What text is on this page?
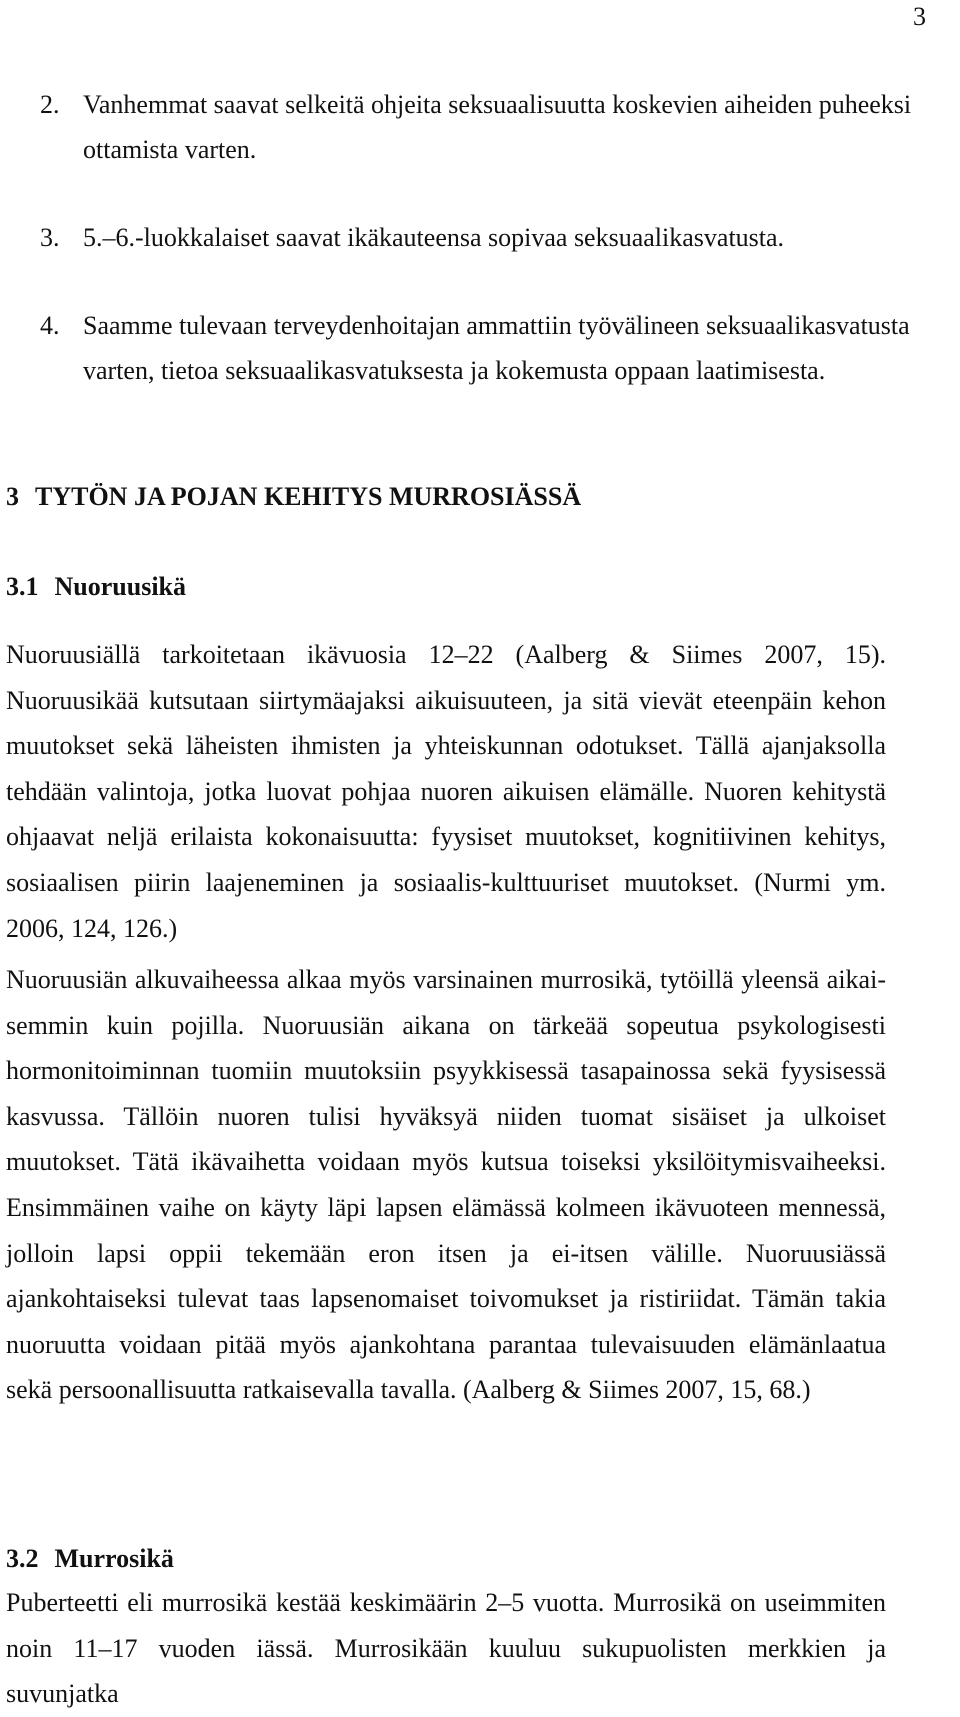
3
2. Vanhemmat saavat selkeitä ohjeita seksuaalisuutta koskevien aiheiden puheeksi ottamista varten.
3. 5.–6.-luokkalaiset saavat ikäkauteensa sopivaa seksuaalikasvatusta.
4. Saamme tulevaan terveydenhoitajan ammattiin työvälineen seksuaalikasvatusta varten, tietoa seksuaalikasvatuksesta ja kokemusta oppaan laatimisesta.
3 TYTÖN JA POJAN KEHITYS MURROSIÄSSÄ
3.1 Nuoruusikä

Nuoruusiällä tarkoitetaan ikävuosia 12–22 (Aalberg & Siimes 2007, 15). Nuoruusikää kutsutaan siirtymäajaksi aikuisuuteen, ja sitä vievät eteenpäin kehon muutokset sekä läheisten ihmisten ja yhteiskunnan odotukset. Tällä ajanjaksolla tehdään valintoja, jotka luovat pohjaa nuoren aikuisen elämälle. Nuoren kehitystä ohjaavat neljä erilaista kokonaisuutta: fyysiset muutokset, kognitiivinen kehitys, sosiaalisen piirin laajeneminen ja sosiaalis-kulttuuriset muutokset. (Nurmi ym. 2006, 124, 126.)

Nuoruusiän alkuvaiheessa alkaa myös varsinainen murrosikä, tytöillä yleensä aikaisemmin kuin pojilla. Nuoruusiän aikana on tärkeää sopeutua psykologisesti hormonitoiminnan tuomiin muutoksiin psyykkisessä tasapainossa sekä fyysisessä kasvussa. Tällöin nuoren tulisi hyväksyä niiden tuomat sisäiset ja ulkoiset muutokset. Tätä ikävaihetta voidaan myös kutsua toiseksi yksilöitymisvaiheeksi. Ensimmäinen vaihe on käyty läpi lapsen elämässä kolmeen ikävuoteen mennessä, jolloin lapsi oppii tekemään eron itsen ja ei-itsen välille. Nuoruusiässä ajankohtaiseksi tulevat taas lapsenomaiset toivomukset ja ristiriidat. Tämän takia nuoruutta voidaan pitää myös ajankohtana parantaa tulevaisuuden elämänlaatua sekä persoonallisuutta ratkaisevalla tavalla. (Aalberg & Siimes 2007, 15, 68.)

3.2 Murrosikä

Puberteetti eli murrosikä kestää keskimäärin 2–5 vuotta. Murrosikä on useimmiten noin 11–17 vuoden iässä. Murrosikään kuuluu sukupuolisten merkkien ja suvunjatka
